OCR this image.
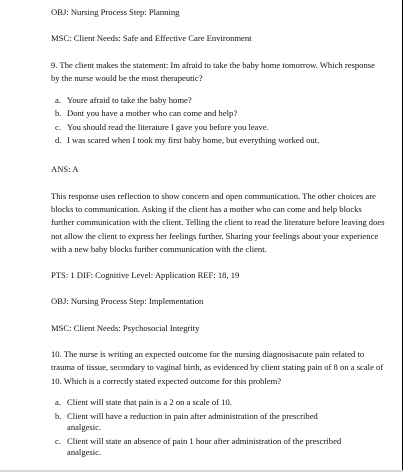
OBJ: Nursing Process Step: Planning

MSC: Client Needs: Safe and Effective Care Environment

9. The client makes the statement: Im afraid to take the baby home tomorrow. Which response
by the nurse would be the most therapeutic?

a. Youre afraid to take the baby home?
b. Dont you have a mother who can come and help?
c. You should read the literature I gave you before you leave.
d. I was scared when I took my first baby home, but everything worked out.

ANS: A

This response uses reflection to show concern and open communication. The other choices are
blocks to communication. Asking if the client has a mother who can come and help blocks
further communication with the client. Telling the client to read the literature before leaving does
not allow the client to express her feelings further. Sharing your feelings about your experience
with a new baby blocks further communication with the client.

PTS: 1 DIF: Cognitive Level: Application REF: 18, 19

OBJ: Nursing Process Step: Implementation

MSC: Client Needs: Psychosocial Integrity

10. The nurse is writing an expected outcome for the nursing diagnosisacute pain related to
trauma of tissue, secondary to vaginal birth, as evidenced by client stating pain of 8 on a scale of
10. Which is a correctly stated expected outcome for this problem?

a. Client will state that pain is a 2 on a scale of 10.
b. Client will have a reduction in pain after administration of the prescribed
analgesic.
c. Client will state an absence of pain 1 hour after administration of the prescribed
analgesic.
